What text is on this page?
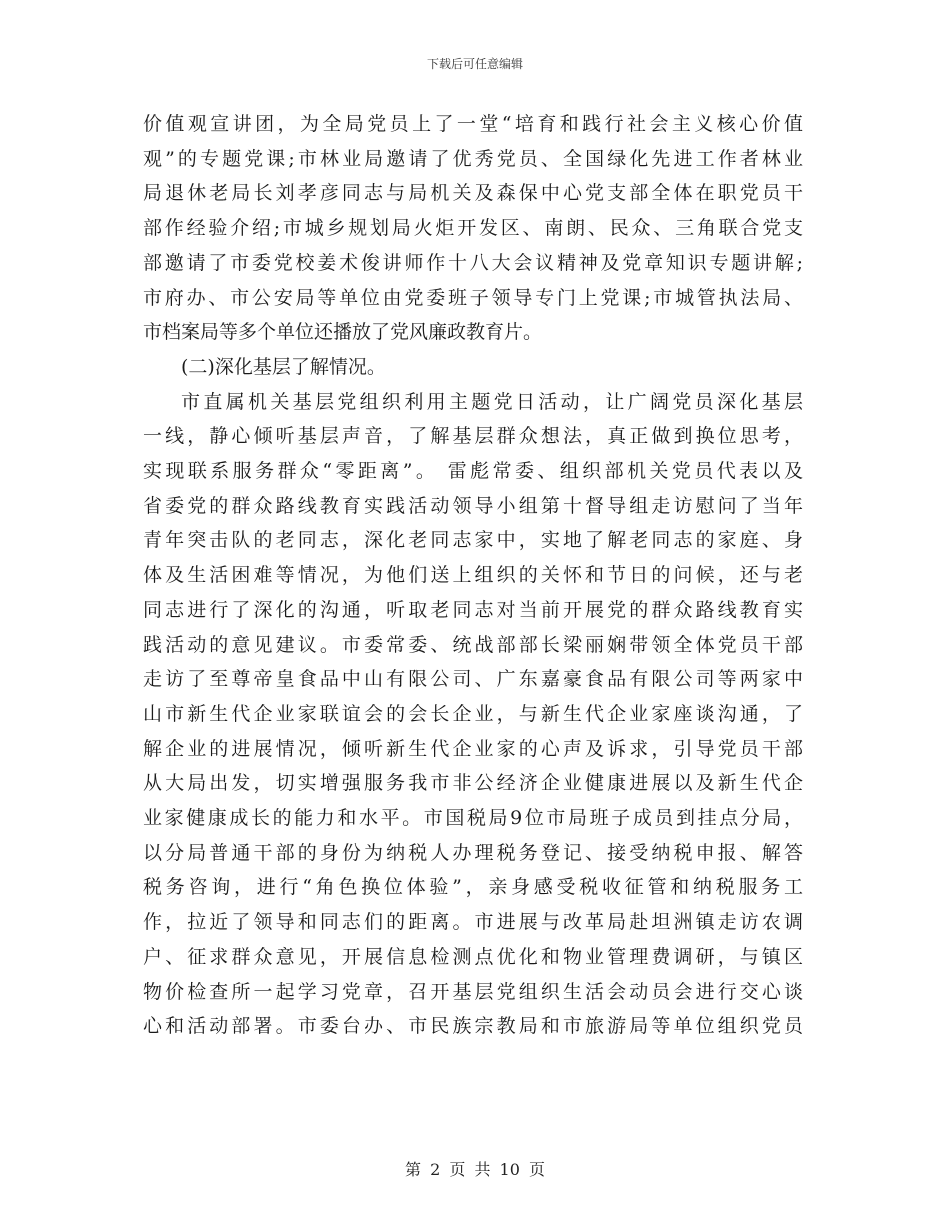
下载后可任意编辑

价值观宣讲团，为全局党员上了一堂“培育和践行社会主义核心价值
观”的专题党课;市林业局邀请了优秀党员、全国绿化先进工作者林业
局退休老局长刘孝彦同志与局机关及森保中心党支部全体在职党员干
部作经验介绍;市城乡规划局火炬开发区、南朗、民众、三角联合党支
部邀请了市委党校姜术俊讲师作十八大会议精神及党章知识专题讲解;
市府办、市公安局等单位由党委班子领导专门上党课;市城管执法局、
市档案局等多个单位还播放了党风廉政教育片。

(二)深化基层了解情况。

市直属机关基层党组织利用主题党日活动，让广阔党员深化基层
一线，静心倾听基层声音，了解基层群众想法，真正做到换位思考，
实现联系服务群众“零距离”。 雷彪常委、组织部机关党员代表以及
省委党的群众路线教育实践活动领导小组第十督导组走访慰问了当年
青年突击队的老同志，深化老同志家中，实地了解老同志的家庭、身
体及生活困难等情况，为他们送上组织的关怀和节日的问候，还与老
同志进行了深化的沟通，听取老同志对当前开展党的群众路线教育实
践活动的意见建议。市委常委、统战部部长梁丽娴带领全体党员干部
走访了至尊帝皇食品中山有限公司、广东嘉豪食品有限公司等两家中
山市新生代企业家联谊会的会长企业，与新生代企业家座谈沟通，了
解企业的进展情况，倾听新生代企业家的心声及诉求，引导党员干部
从大局出发，切实增强服务我市非公经济企业健康进展以及新生代企
业家健康成长的能力和水平。市国税局9位市局班子成员到挂点分局，
以分局普通干部的身份为纳税人办理税务登记、接受纳税申报、解答
税务咨询，进行“角色换位体验”，亲身感受税收征管和纳税服务工
作，拉近了领导和同志们的距离。市进展与改革局赴坦洲镇走访农调
户、征求群众意见，开展信息检测点优化和物业管理费调研，与镇区
物价检查所一起学习党章，召开基层党组织生活会动员会进行交心谈
心和活动部署。市委台办、市民族宗教局和市旅游局等单位组织党员

第 2 页 共 10 页
